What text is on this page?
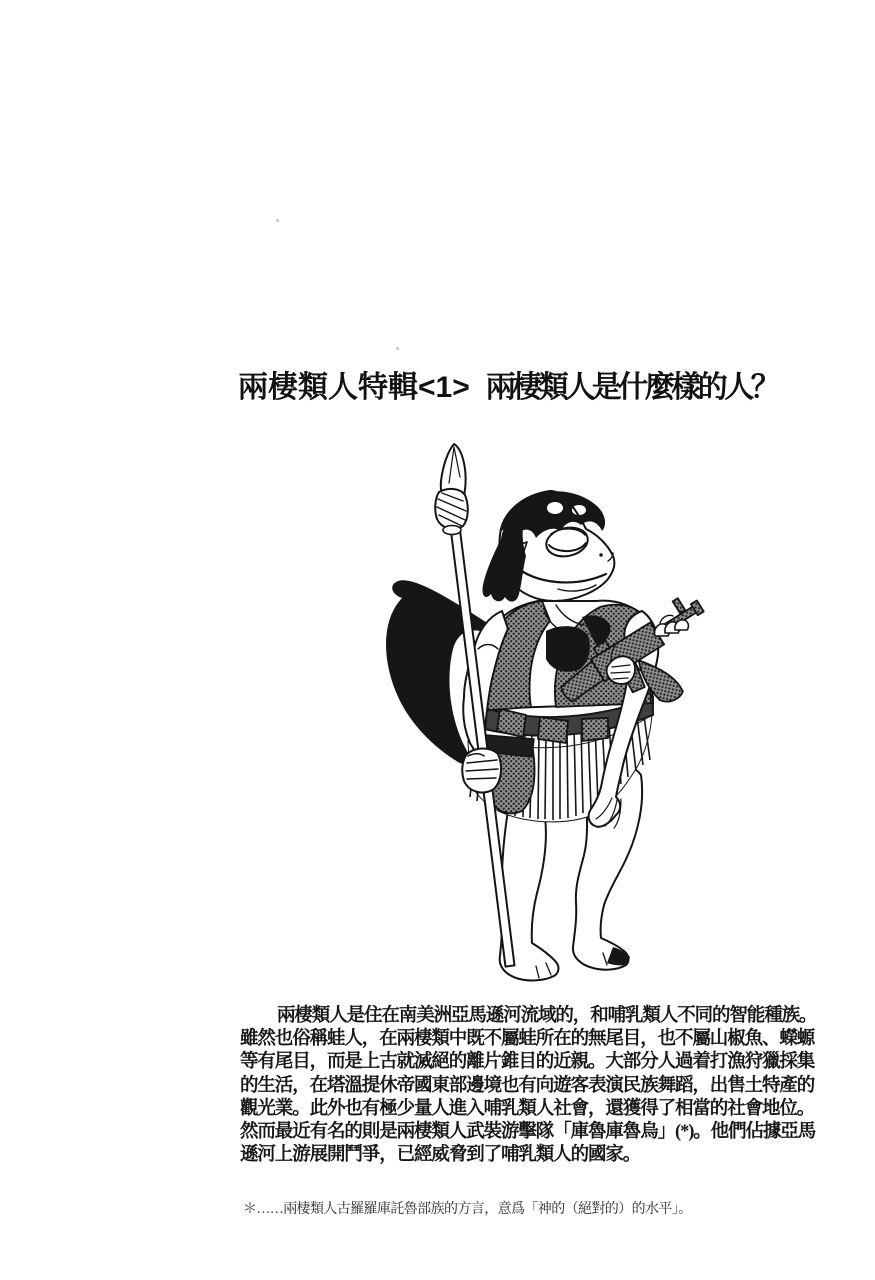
兩棲類人特輯<1> 兩棲類人是什麼樣的人？
兩棲類人是住在南美洲亞馬遜河流域的，和哺乳類人不同的智能種族。
雖然也俗稱蛙人，在兩棲類中既不屬蛙所在的無尾目，也不屬山椒魚、蠑螈
等有尾目，而是上古就滅絕的離片錐目的近親。大部分人過着打漁狩獵採集
的生活，在塔溫提休帝國東部邊境也有向遊客表演民族舞蹈，出售土特產的
觀光業。此外也有極少量人進入哺乳類人社會，還獲得了相當的社會地位。
然而最近有名的則是兩棲類人武裝游擊隊「庫魯庫魯烏」(*)。他們佔據亞馬
遜河上游展開鬥爭，已經威脅到了哺乳類人的國家。
＊……兩棲類人古羅羅庫託魯部族的方言，意爲「神的（絕對的）的水平」。
